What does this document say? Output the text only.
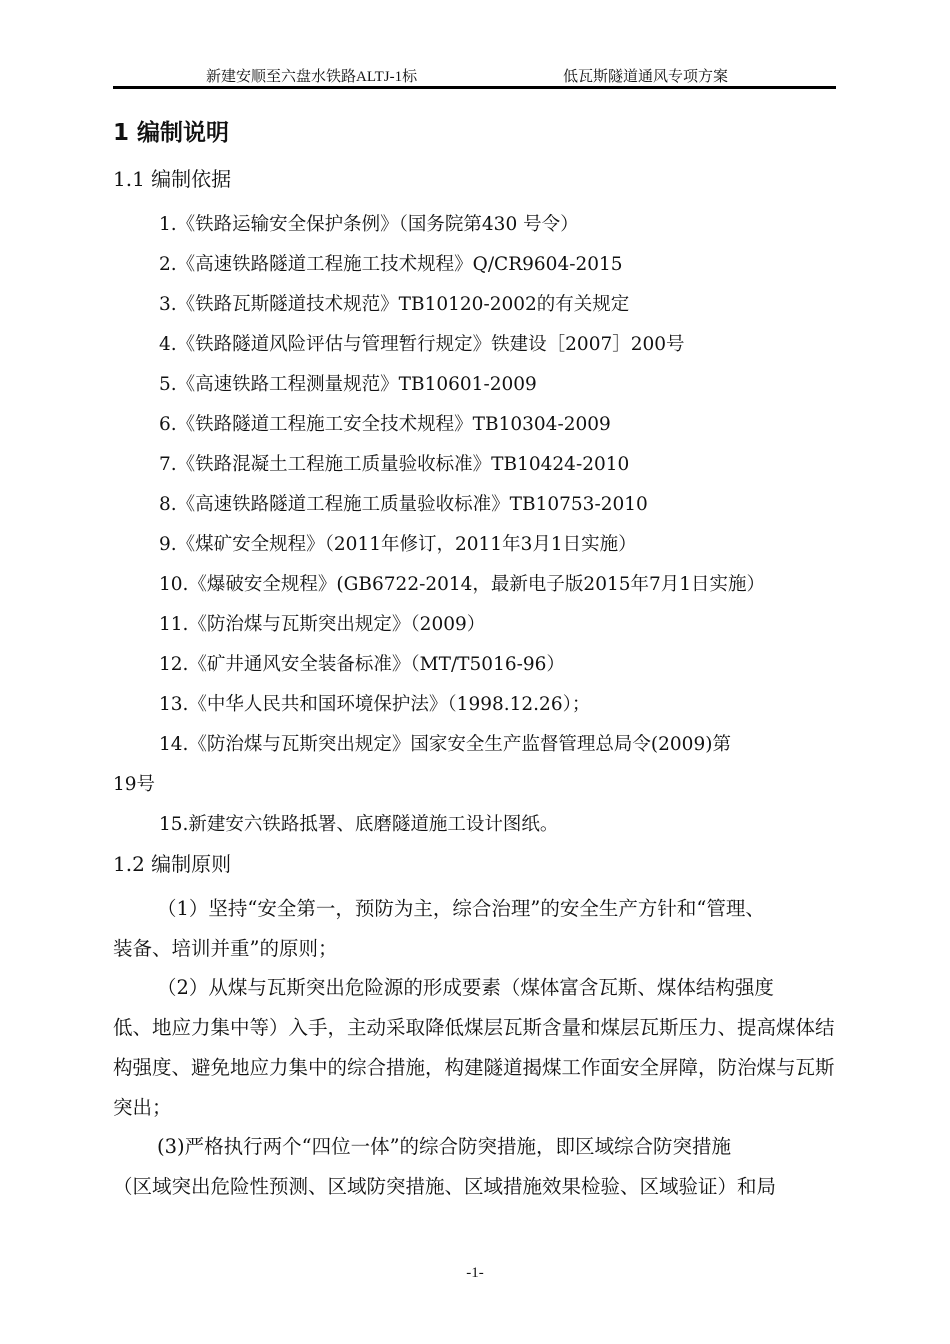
新建安顺至六盘水铁路ALTJ-1标	低瓦斯隧道通风专项方案
1 编制说明
1.1 编制依据
1.《铁路运输安全保护条例》（国务院第430 号令）
2.《高速铁路隧道工程施工技术规程》Q/CR9604-2015
3.《铁路瓦斯隧道技术规范》TB10120-2002的有关规定
4.《铁路隧道风险评估与管理暂行规定》铁建设［2007］200号
5.《高速铁路工程测量规范》TB10601-2009
6.《铁路隧道工程施工安全技术规程》TB10304-2009
7.《铁路混凝土工程施工质量验收标准》TB10424-2010
8.《高速铁路隧道工程施工质量验收标准》TB10753-2010
9.《煤矿安全规程》（2011年修订，2011年3月1日实施）
10.《爆破安全规程》(GB6722-2014，最新电子版2015年7月1日实施）
11.《防治煤与瓦斯突出规定》（2009）
12.《矿井通风安全装备标准》（MT/T5016-96）
13.《中华人民共和国环境保护法》（1998.12.26）；
14.《防治煤与瓦斯突出规定》国家安全生产监督管理总局令(2009)第
19号
15.新建安六铁路抵署、底磨隧道施工设计图纸。
1.2 编制原则
（1）坚持“安全第一，预防为主，综合治理”的安全生产方针和“管理、
装备、培训并重”的原则；
（2）从煤与瓦斯突出危险源的形成要素（煤体富含瓦斯、煤体结构强度
低、地应力集中等）入手，主动采取降低煤层瓦斯含量和煤层瓦斯压力、提高煤体结构强度、避免地应力集中的综合措施，构建隧道揭煤工作面安全屏障，防治煤与瓦斯突出；
(3)严格执行两个“四位一体”的综合防突措施，即区域综合防突措施
（区域突出危险性预测、区域防突措施、区域措施效果检验、区域验证）和局
-1-
